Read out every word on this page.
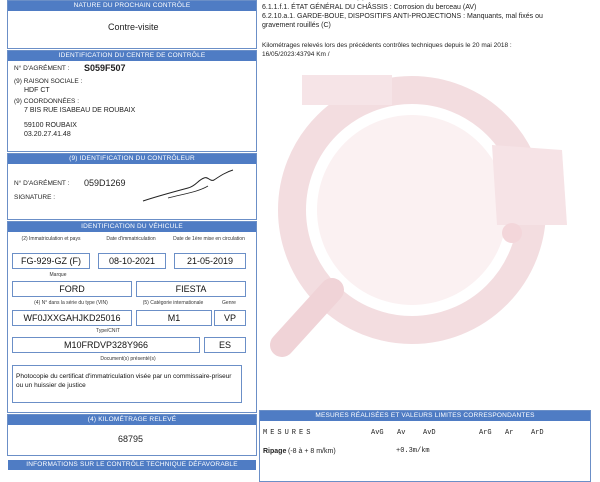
NATURE DU PROCHAIN CONTRÔLE
Contre-visite
IDENTIFICATION DU CENTRE DE CONTRÔLE
N° D'AGRÉMENT : S059F507
(9) RAISON SOCIALE :
HDF CT
(9) COORDONNÉES :
7 BIS RUE ISABEAU DE ROUBAIX
59100 ROUBAIX
03.20.27.41.48
(9) IDENTIFICATION DU CONTRÔLEUR
N° D'AGRÉMENT : 059D1269
SIGNATURE :
IDENTIFICATION DU VÉHICULE
(2) Immatriculation et pays	Date d'immatriculation	Date de 1ère mise en circulation
FG-929-GZ (F)	08-10-2021	21-05-2019
Marque
FORD	FIESTA
(4) N° dans la série du type (VIN)	(5) Catégorie internationale	Genre
WF0JXXGAHJKD25016	M1	VP
Type/CNIT
M10FRDVP328Y966	ES
Document(s) présenté(s)
Photocopie du certificat d'immatriculation visée par un commissaire-priseur ou un huissier de justice
(4) KILOMÉTRAGE RELEVÉ
68795
INFORMATIONS SUR LE CONTRÔLE TECHNIQUE DÉFAVORABLE
6.1.1.f.1. ÉTAT GÉNÉRAL DU CHÂSSIS : Corrosion du berceau (AV)
6.2.10.a.1. GARDE-BOUE, DISPOSITIFS ANTI-PROJECTIONS : Manquants, mal fixés ou
gravement rouillés (C)
Kilométrages relevés lors des précédents contrôles techniques depuis le 20 mai 2018 :
16/05/2023:43794 Km /
MESURES RÉALISÉES ET VALEURS LIMITES CORRESPONDANTES
MESURES	AvG Av	AvD	ArG Ar	ArD
Ripage (-8 à + 8 m/km)	+0.3m/km
